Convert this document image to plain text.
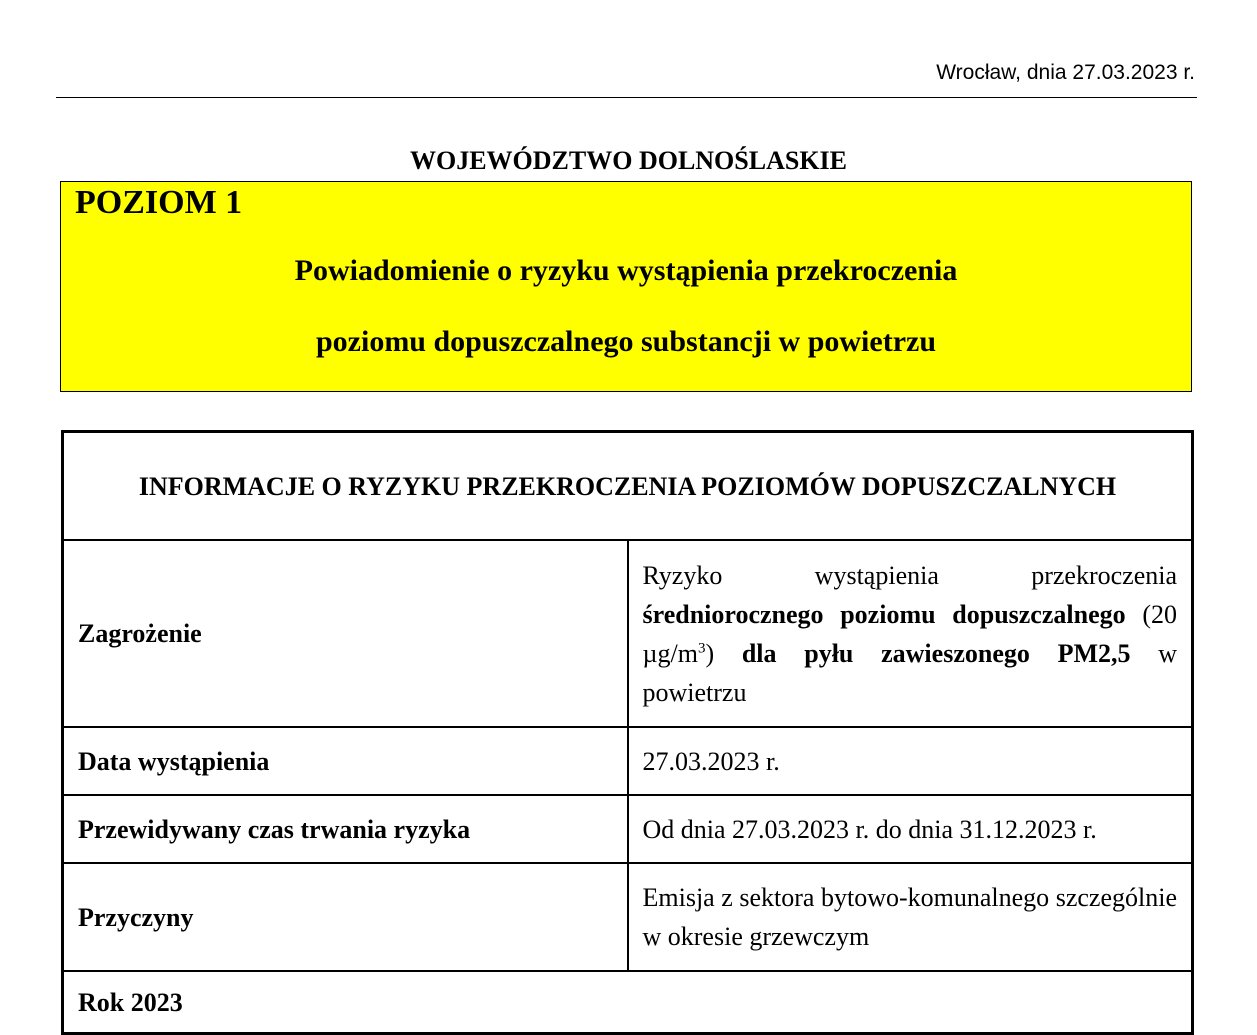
Wrocław, dnia 27.03.2023 r.
WOJEWÓDZTWO DOLNOŚLASKIE
POZIOM 1
Powiadomienie o ryzyku wystąpienia przekroczenia
poziomu dopuszczalnego substancji w powietrzu
INFORMACJE O RYZYKU PRZEKROCZENIA POZIOMÓW DOPUSZCZALNYCH	
Zagrożenie	Ryzyko wystąpienia przekroczenia średniorocznego poziomu dopuszczalnego (20 $\mu g/m^3$) dla pyłu zawieszonego PM2,5 w powietrzu
Data wystąpienia	27.03.2023 r.
Przewidywany czas trwania ryzyka	Od dnia 27.03.2023 r. do dnia 31.12.2023 r.
Przyczyny	Emisja z sektora bytowo-komunalnego szczególnie w okresie grzewczym
Rok 2023	
